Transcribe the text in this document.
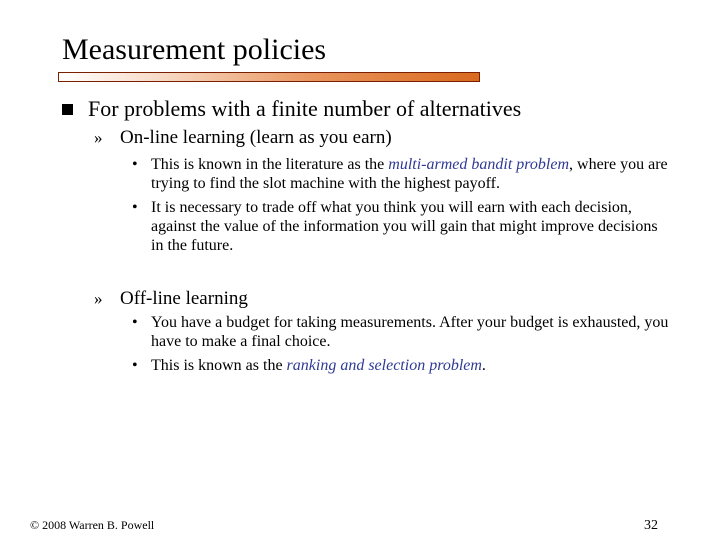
Measurement policies
For problems with a finite number of alternatives
» On-line learning (learn as you earn)
• This is known in the literature as the multi-armed bandit problem, where you are trying to find the slot machine with the highest payoff.
• It is necessary to trade off what you think you will earn with each decision, against the value of the information you will gain that might improve decisions in the future.
» Off-line learning
• You have a budget for taking measurements. After your budget is exhausted, you have to make a final choice.
• This is known as the ranking and selection problem.
© 2008 Warren B. Powell	32
